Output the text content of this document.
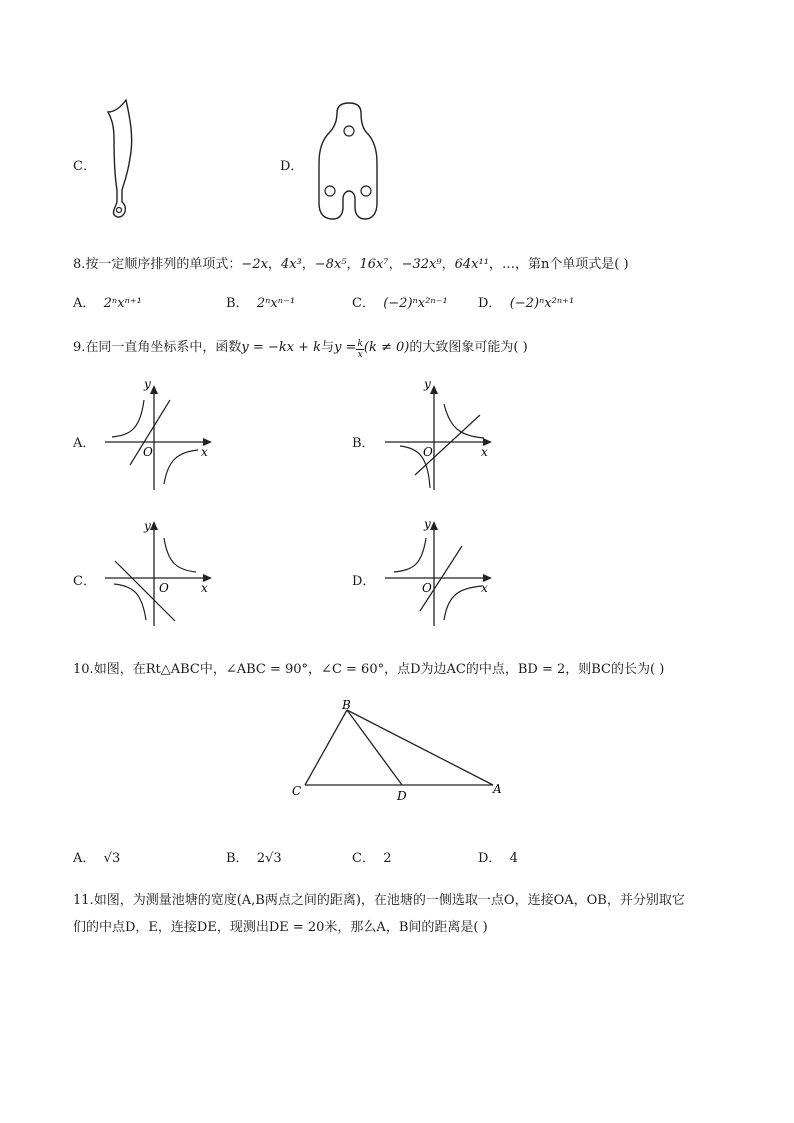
C．	D．
8.按一定顺序排列的单项式：−2x，4x³，−8x⁵，16x⁷，−32x⁹，64x¹¹，…，第n个单项式是( )
A． 2ⁿxⁿ⁺¹	B． 2ⁿxⁿ⁻¹	C． (−2)ⁿx²ⁿ⁻¹ D． (−2)ⁿx²ⁿ⁺¹
9.在同一直角坐标系中，函数y = −kx + k与$y = \frac{k}{x} (k \ne 0)$的大致图象可能为( )
A．
y
x
O
B．
y
x
O
C．
y
x
O	D．
y
x
O
10.如图，在Rt△ABC中，∠ABC = 90°，∠C = 60°，点D为边AC的中点，BD = 2，则BC的长为( )
B
C	D	A
A． √3	B． 2√3	C． 2	D． 4
11.如图，为测量池塘的宽度(A,B两点之间的距离)，在池塘的一侧选取一点O，连接OA，OB，并分别取它
们的中点D，E，连接DE，现测出DE = 20米，那么A，B间的距离是( )
